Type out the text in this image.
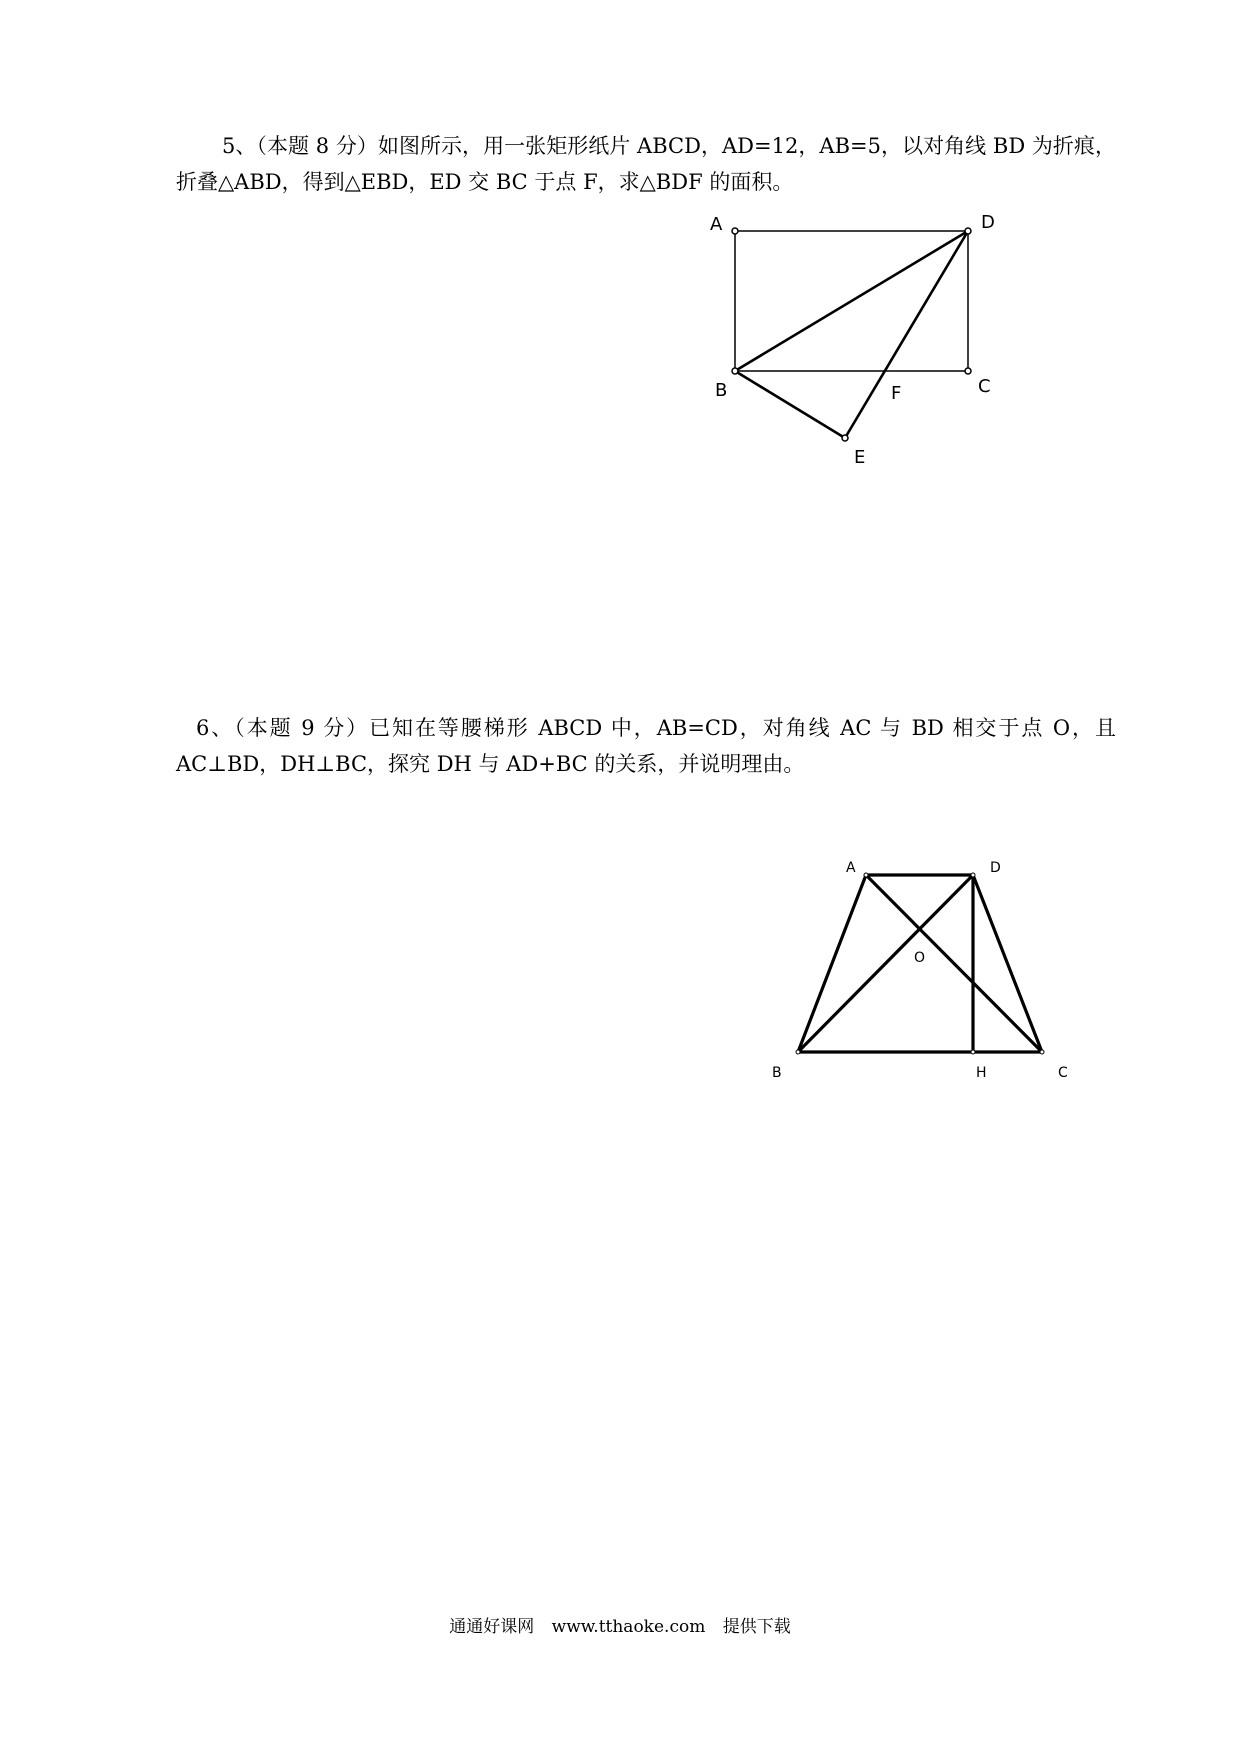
5、（本题 8 分）如图所示，用一张矩形纸片 ABCD，AD=12，AB=5，以对角线 BD 为折痕，折叠△ABD，得到△EBD，ED 交 BC 于点 F，求△BDF 的面积。

A	D
B	C
F
E

6、（本题 9 分）已知在等腰梯形 ABCD 中，AB=CD，对角线 AC 与 BD 相交于点 O，且 AC⊥BD，DH⊥BC，探究 DH 与 AD+BC 的关系，并说明理由。

A	D
O
B	H	C
通通好课网 www.tthaoke.com 提供下载
